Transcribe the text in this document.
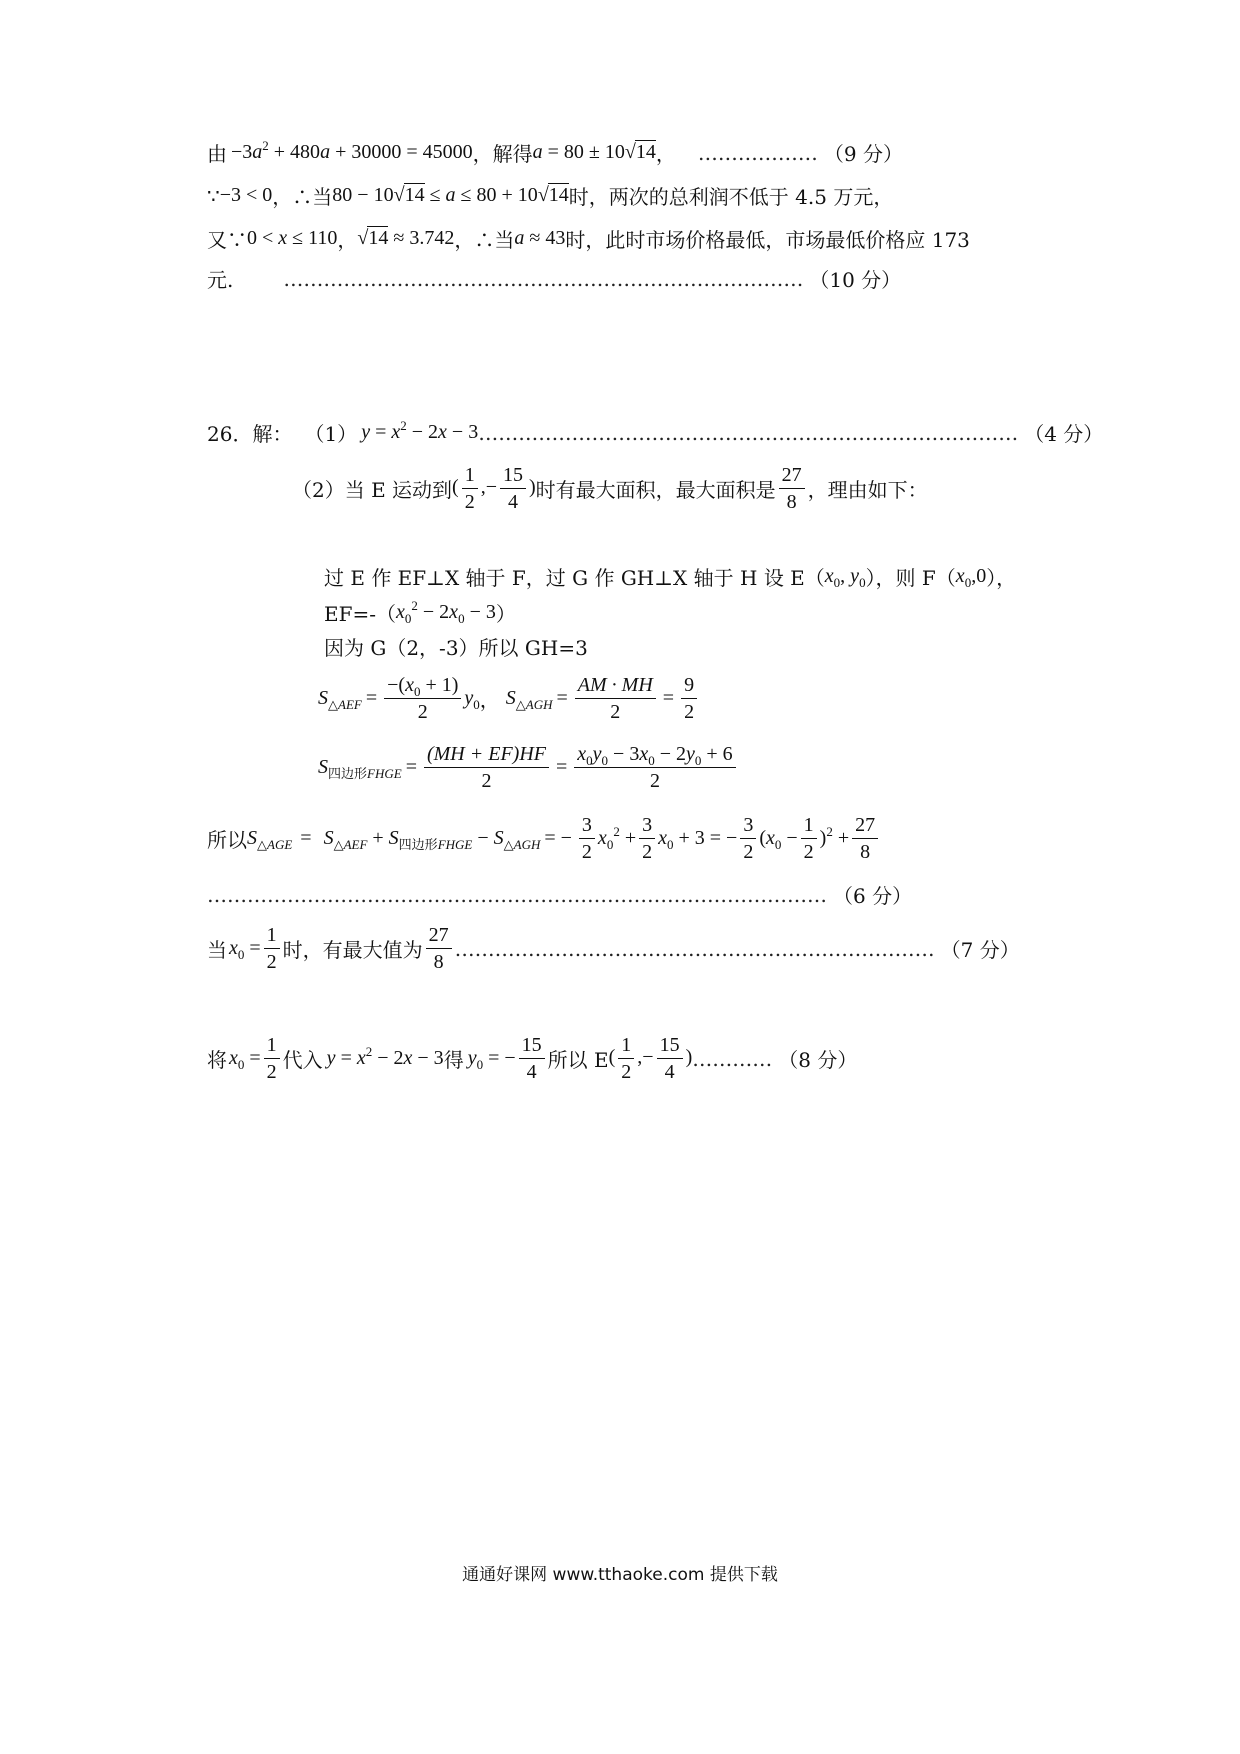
由 $-3a^2 + 480a + 30000 = 45000$ ，解得 a = 80 ± 10√14 ， ……………… （9 分）
∵ −3 < 0 ，∴当 80 − 10√14 ≤ a ≤ 80 + 10√14 时，两次的总利润不低于 4.5 万元，
又∵ 0 < x ≤ 110 ， √14 ≈ 3.742 ，∴当 a ≈ 43 时，此时市场价格最低，市场最低价格应 173
元.	…………………………………………………………………… （10 分）
26．解： （1） $y = x^2 - 2x - 3$ ……………………………………………………………………… （4 分）
（2）当 E 运动到 ( $\frac{1}{2}$ ,− $\frac{15}{4}$ ) 时有最大面积，最大面积是 $\frac{27}{8}$ ，理由如下：
过 E 作 EF⊥X 轴于 F，过 G 作 GH⊥X 轴于 H 设 E（ $x_0$, $y_0$ ），则 F（ $x_0,0$ ），
EF=-（ $x_0^2 - 2x_0 - 3$ ）
因为 G（2，-3）所以 GH=3
$S_{\triangle AEF} = \frac{-(x_0 + 1)}{2} y_0$ ， $S_{\triangle AGH} = \frac{AM \cdot MH}{2} = \frac{9}{2}$
$S_{四边形FHGE} = \frac{(MH + EF)HF}{2} = \frac{x_0y_0 - 3x_0 - 2y_0 + 6}{2}$
所以 $S_{\triangle AGE} = S_{\triangle AEF} + S_{四边形FHGE} - S_{\triangle AGH}$ = − $\frac{3}{2} x_0^2 + \frac{3}{2} x_0 + 3$ = − $\frac{3}{2} (x_0 - \frac{1}{2} )^2 + \frac{27}{8}$
………………………………………………………………………………… （6 分）
当 $x_0 = \frac{1}{2}$ 时，有最大值为 $\frac{27}{8}$ ……………………………………………………………… （7 分）
将 $x_0 = \frac{1}{2}$ 代入 $y = x^2 - 2x - 3$ 得 $y_0$ = − $\frac{15}{4}$ 所以 E ( $\frac{1}{2}$ ,− $\frac{15}{4}$ ) ………… （8 分）
通通好课网 www.tthaoke.com 提供下载
